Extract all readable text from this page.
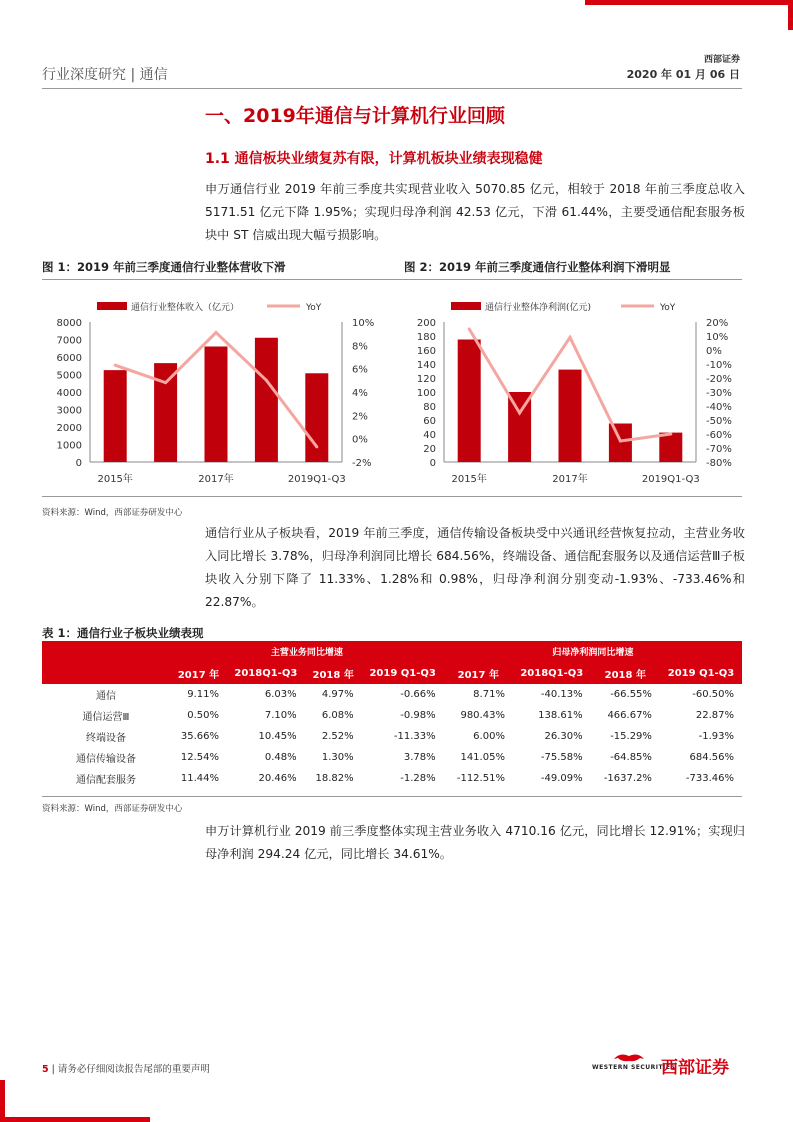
行业深度研究 | 通信
西部证券
2020 年 01 月 06 日
一、2019年通信与计算机行业回顾
1.1 通信板块业绩复苏有限，计算机板块业绩表现稳健
申万通信行业 2019 年前三季度共实现营业收入 5070.85 亿元，相较于 2018 年前三季度总收入 5171.51 亿元下降 1.95%；实现归母净利润 42.53 亿元，下滑 61.44%，主要受通信配套服务板块中 ST 信威出现大幅亏损影响。
图 1：2019 年前三季度通信行业整体营收下滑	图 2：2019 年前三季度通信行业整体利润下滑明显
通信行业整体收入（亿元）	YoY
0
1000
2000
3000
4000
5000
6000
7000
8000
-2%
0%
2%
4%
6%
8%
10%
2015年	2017年	2019Q1-Q3
通信行业整体净利润(亿元)	YoY
0
20
40
60
80
100
120
140
160
180
200
-80%
-70%
-60%
-50%
-40%
-30%
-20%
-10%
0%
10%
20%
2015年	2017年	2019Q1-Q3
资料来源：Wind，西部证券研发中心
通信行业从子板块看，2019 年前三季度，通信传输设备板块受中兴通讯经营恢复拉动，主营业务收入同比增长 3.78%，归母净利润同比增长 684.56%，终端设备、通信配套服务以及通信运营Ⅲ子板块收入分别下降了 11.33%、1.28%和 0.98%，归母净利润分别变动-1.93%、-733.46%和 22.87%。
表 1：通信行业子板块业绩表现
	主营业务同比增速				归母净利润同比增速			
	2017 年	2018Q1-Q3	2018 年	2019 Q1-Q3	2017 年	2018Q1-Q3	2018 年	2019 Q1-Q3
通信	9.11%	6.03%	4.97%	-0.66%	8.71%	-40.13%	-66.55%	-60.50%
通信运营Ⅲ	0.50%	7.10%	6.08%	-0.98%	980.43%	138.61%	466.67%	22.87%
终端设备	35.66%	10.45%	2.52%	-11.33%	6.00%	26.30%	-15.29%	-1.93%
通信传输设备	12.54%	0.48%	1.30%	3.78%	141.05%	-75.58%	-64.85%	684.56%
通信配套服务	11.44%	20.46%	18.82%	-1.28%	-112.51%	-49.09%	-1637.2%	-733.46%
资料来源：Wind，西部证券研发中心
申万计算机行业 2019 前三季度整体实现主营业务收入 4710.16 亿元，同比增长 12.91%；实现归母净利润 294.24 亿元，同比增长 34.61%。
5 | 请务必仔细阅读报告尾部的重要声明	WESTERN SECURITIES
西部证券
